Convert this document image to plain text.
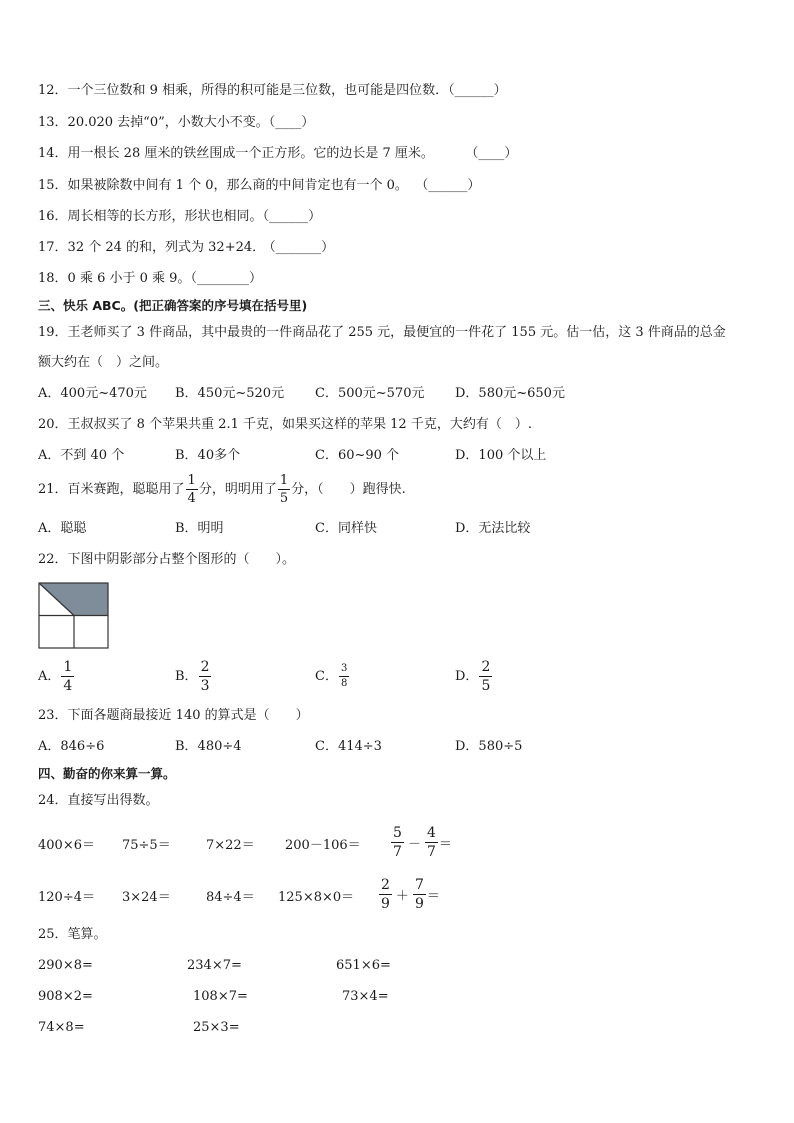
12．一个三位数和 9 相乘，所得的积可能是三位数，也可能是四位数．（______）
13．20.020 去掉“0”，小数大小不变。（____）
14．用一根长 28 厘米的铁丝围成一个正方形。它的边长是 7 厘米。	（____）
15．如果被除数中间有 1 个 0，那么商的中间肯定也有一个 0。 （______）
16．周长相等的长方形，形状也相同。（______）
17．32 个 24 的和，列式为 32+24． （_______）
18．0 乘 6 小于 0 乘 9。（________）
三、快乐 ABC。(把正确答案的序号填在括号里)
19．王老师买了 3 件商品，其中最贵的一件商品花了 255 元，最便宜的一件花了 155 元。估一估，这 3 件商品的总金
额大约在（　）之间。
A．400元~470元 B．450元~520元 C．500元~570元 D．580元~650元
20．王叔叔买了 8 个苹果共重 2.1 千克，如果买这样的苹果 12 千克，大约有（　）.
A．不到 40 个	B．40多个	C．60~90 个	D．100 个以上
21．百米赛跑，聪聪用了 $\frac{1}{4}$ 分，明明用了 $\frac{1}{5}$ 分，（　　）跑得快.
A．聪聪	B．明明	C．同样快	D．无法比较
22．下图中阴影部分占整个图形的（　　）。
A． $\frac{1}{4}$	B． $\frac{2}{3}$	C． $\frac{3}{8}$	D． $\frac{2}{5}$
23．下面各题商最接近 140 的算式是（　　）
A．846÷6	B．480÷4	C．414÷3	D．580÷5
四、勤奋的你来算一算。
24．直接写出得数。
400×6＝ 75÷5＝	$7\times 22= 200-106= \frac{5}{7} - \frac{4}{7}$ ＝
120÷4＝ 3×24＝	$84\div 4= 125\times 8\times 0= \frac{2}{9} + \frac{7}{9}$ ＝
25．笔算。
290×8=	234×7=	651×6=
908×2=	108×7=	73×4=
74×8=	25×3=
